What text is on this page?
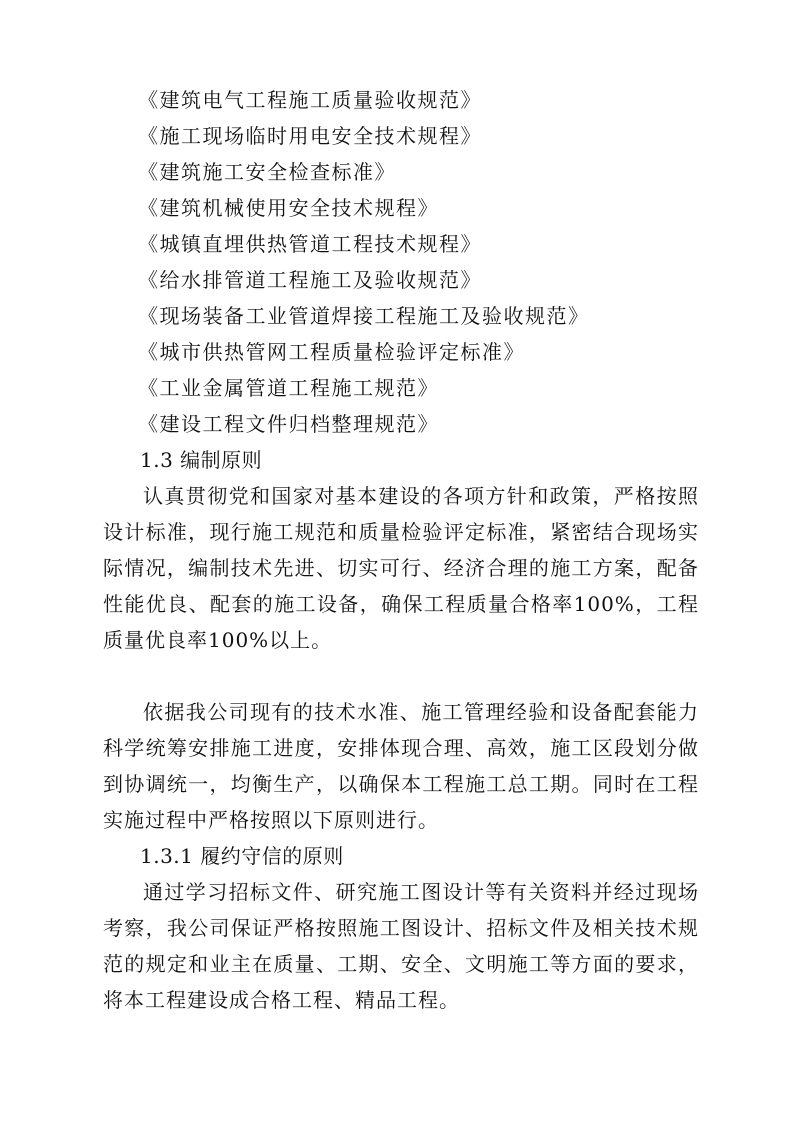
《建筑电气工程施工质量验收规范》
《施工现场临时用电安全技术规程》
《建筑施工安全检查标准》
《建筑机械使用安全技术规程》
《城镇直埋供热管道工程技术规程》
《给水排管道工程施工及验收规范》
《现场装备工业管道焊接工程施工及验收规范》
《城市供热管网工程质量检验评定标准》
《工业金属管道工程施工规范》
《建设工程文件归档整理规范》
1.3 编制原则
认真贯彻党和国家对基本建设的各项方针和政策，严格按照设计标准，现行施工规范和质量检验评定标准，紧密结合现场实际情况，编制技术先进、切实可行、经济合理的施工方案，配备性能优良、配套的施工设备，确保工程质量合格率100%，工程质量优良率100%以上。
依据我公司现有的技术水准、施工管理经验和设备配套能力科学统筹安排施工进度，安排体现合理、高效，施工区段划分做到协调统一，均衡生产，以确保本工程施工总工期。同时在工程实施过程中严格按照以下原则进行。
1.3.1 履约守信的原则
通过学习招标文件、研究施工图设计等有关资料并经过现场考察，我公司保证严格按照施工图设计、招标文件及相关技术规范的规定和业主在质量、工期、安全、文明施工等方面的要求，将本工程建设成合格工程、精品工程。
